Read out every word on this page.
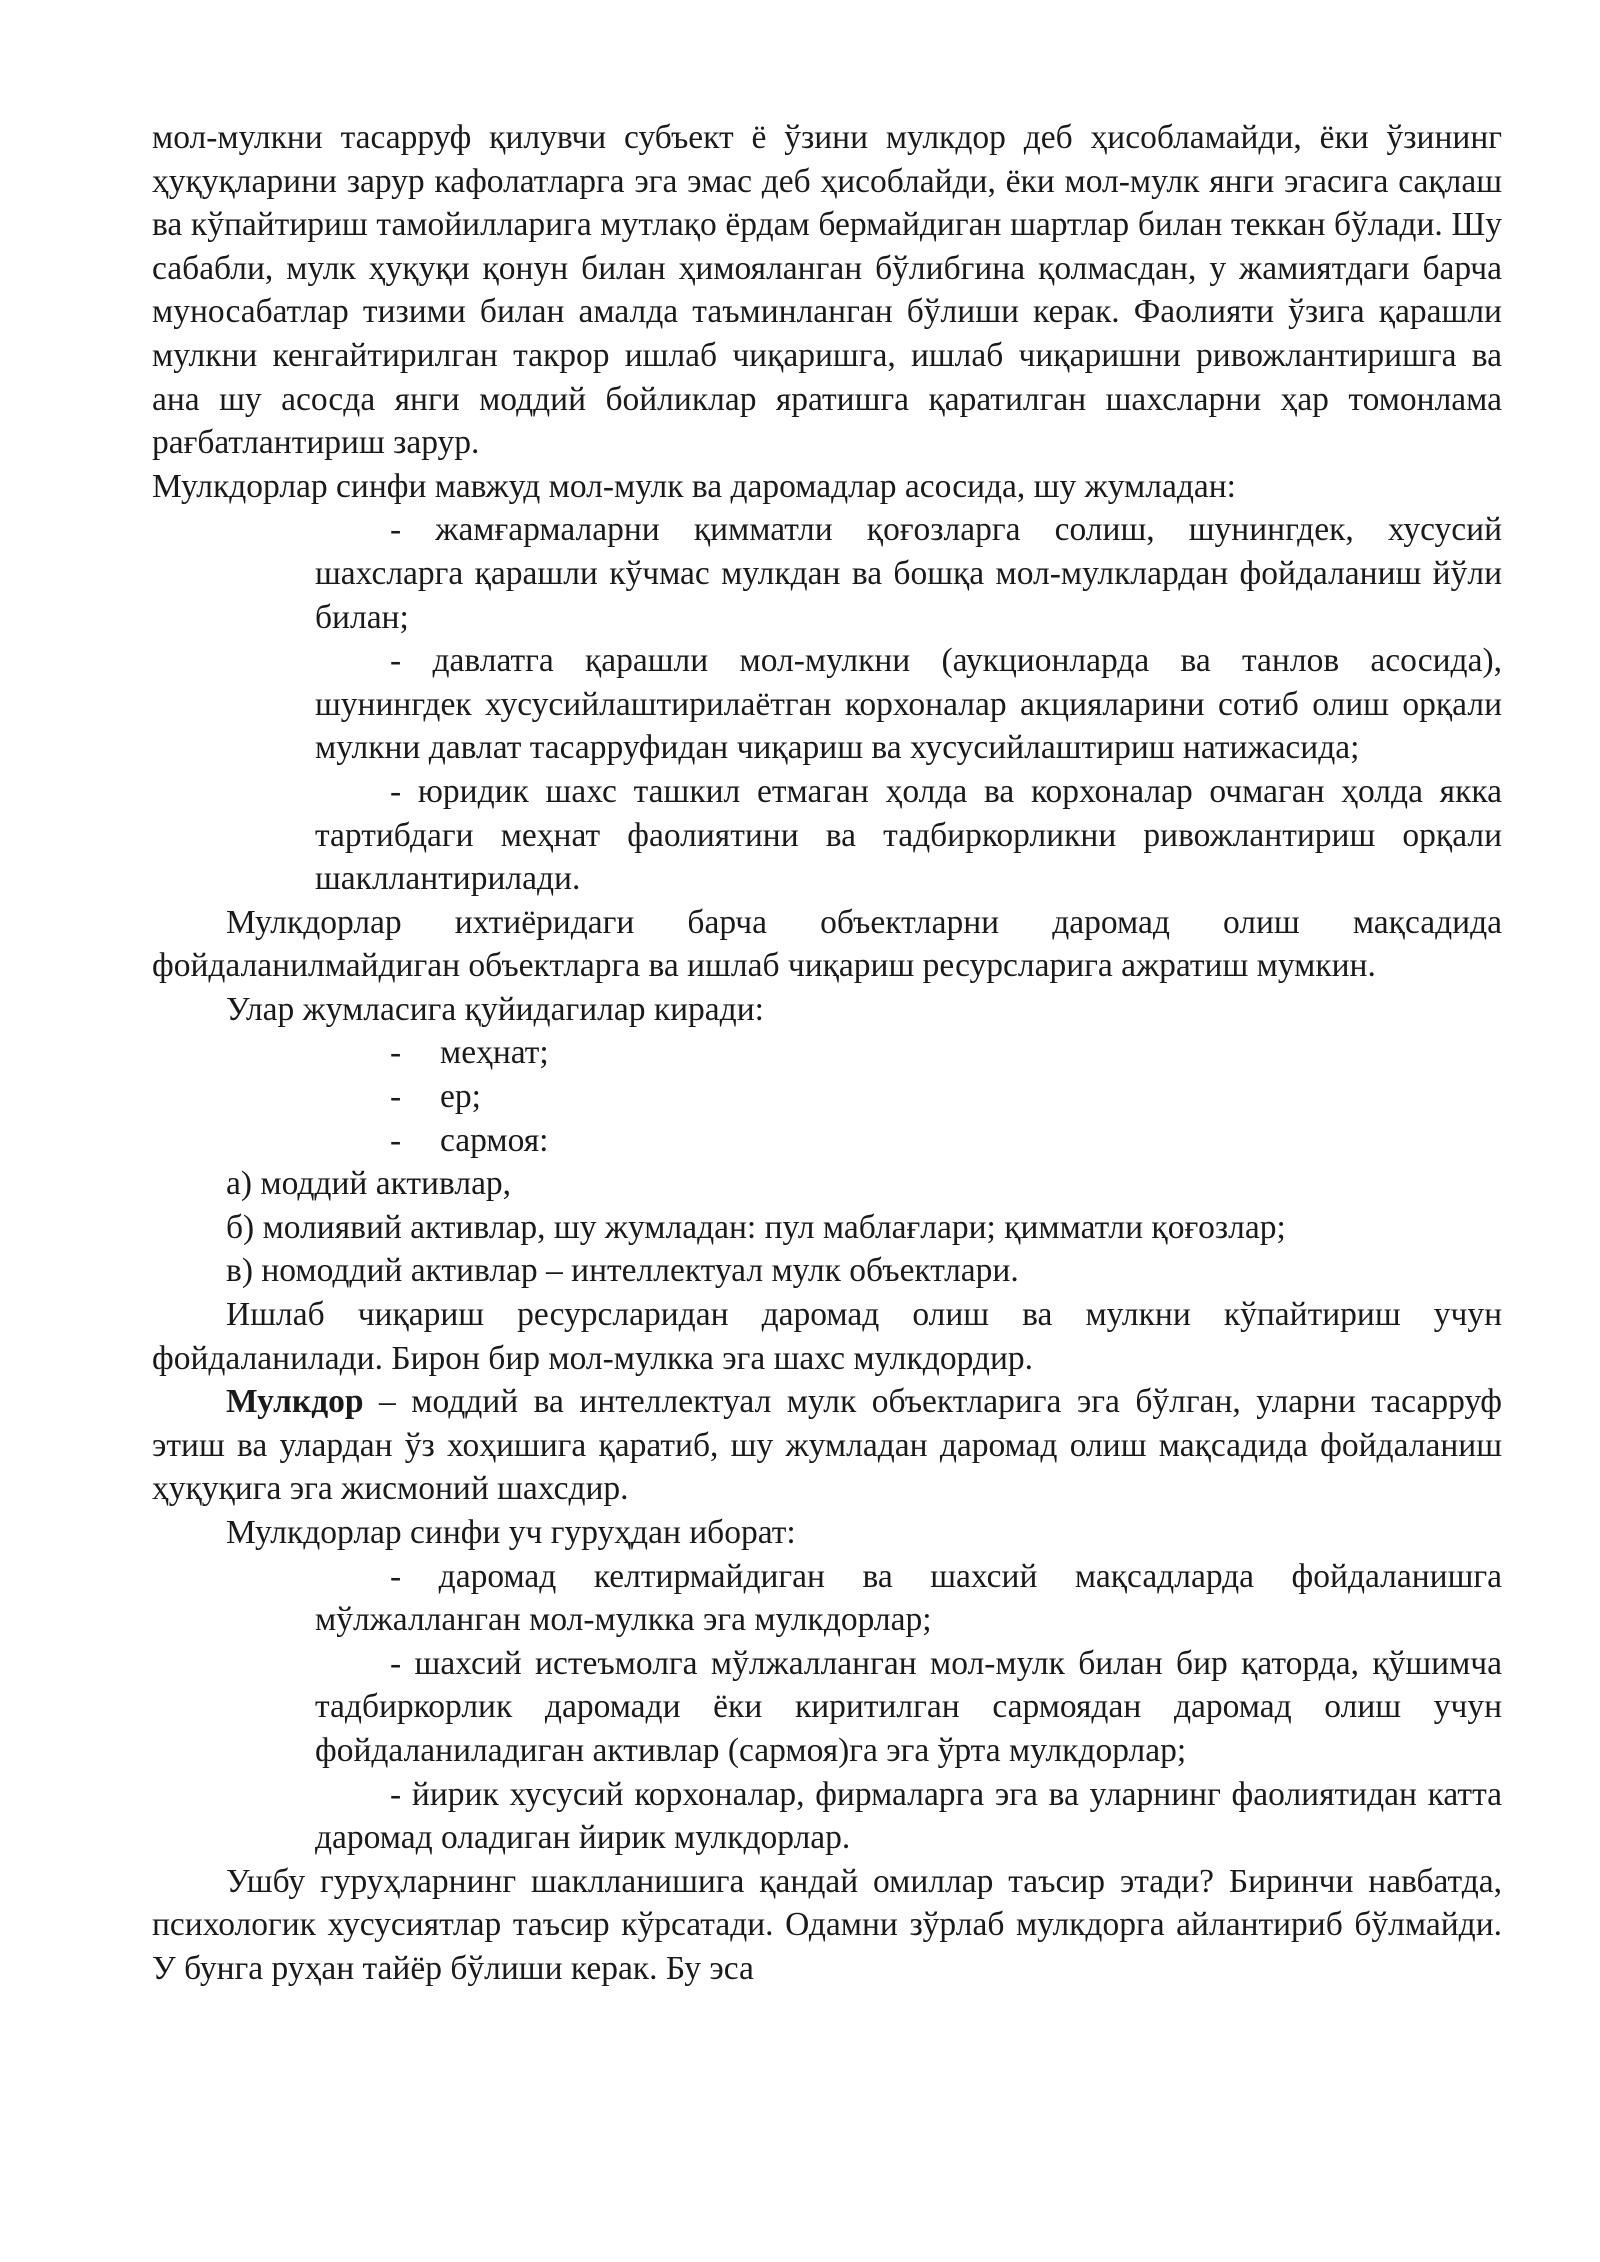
мол-мулкни тасарруф қилувчи субъект ё ўзини мулкдор деб ҳисобламайди, ёки ўзининг ҳуқуқларини зарур кафолатларга эга эмас деб ҳисоблайди, ёки мол-мулк янги эгасига сақлаш ва кўпайтириш тамойилларига мутлақо ёрдам бермайдиган шартлар билан теккан бўлади. Шу сабабли, мулк ҳуқуқи қонун билан ҳимояланган бўлибгина қолмасдан, у жамиятдаги барча муносабатлар тизими билан амалда таъминланган бўлиши керак. Фаолияти ўзига қарашли мулкни кенгайтирилган такрор ишлаб чиқаришга, ишлаб чиқаришни ривожлантиришга ва ана шу асосда янги моддий бойликлар яратишга қаратилган шахсларни ҳар томонлама рағбатлантириш зарур.

Мулкдорлар синфи мавжуд мол-мулк ва даромадлар асосида, шу жумладан:

- жамғармаларни қимматли қоғозларга солиш, шунингдек, хусусий шахсларга қарашли кўчмас мулкдан ва бошқа мол-мулклардан фойдаланиш йўли билан;

- давлатга қарашли мол-мулкни (аукционларда ва танлов асосида), шунингдек хусусийлаштирилаётган корхоналар акцияларини сотиб олиш орқали мулкни давлат тасарруфидан чиқариш ва хусусийлаштириш натижасида;

- юридик шахс ташкил етмаган ҳолда ва корхоналар очмаган ҳолда якка тартибдаги меҳнат фаолиятини ва тадбиркорликни ривожлантириш орқали шакллантирилади.

Мулкдорлар ихтиёридаги барча объектларни даромад олиш мақсадида фойдаланилмайдиган объектларга ва ишлаб чиқариш ресурсларига ажратиш мумкин.

Улар жумласига қуйидагилар киради:

- меҳнат;

- ер;

- сармоя:

а) моддий активлар,

б) молиявий активлар, шу жумладан: пул маблағлари; қимматли қоғозлар;

в) номоддий активлар – интеллектуал мулк объектлари.

Ишлаб чиқариш ресурсларидан даромад олиш ва мулкни кўпайтириш учун фойдаланилади. Бирон бир мол-мулкка эга шахс мулкдордир.

Мулкдор – моддий ва интеллектуал мулк объектларига эга бўлган, уларни тасарруф этиш ва улардан ўз хоҳишига қаратиб, шу жумладан даромад олиш мақсадида фойдаланиш ҳуқуқига эга жисмоний шахсдир.

Мулкдорлар синфи уч гуруҳдан иборат:

- даромад келтирмайдиган ва шахсий мақсадларда фойдаланишга мўлжалланган мол-мулкка эга мулкдорлар;

- шахсий истеъмолга мўлжалланган мол-мулк билан бир қаторда, қўшимча тадбиркорлик даромади ёки киритилган сармоядан даромад олиш учун фойдаланиладиган активлар (сармоя)га эга ўрта мулкдорлар;

- йирик хусусий корхоналар, фирмаларга эга ва уларнинг фаолиятидан катта даромад оладиган йирик мулкдорлар.

Ушбу гуруҳларнинг шаклланишига қандай омиллар таъсир этади? Биринчи навбатда, психологик хусусиятлар таъсир кўрсатади. Одамни зўрлаб мулкдорга айлантириб бўлмайди. У бунга руҳан тайёр бўлиши керак. Бу эса
